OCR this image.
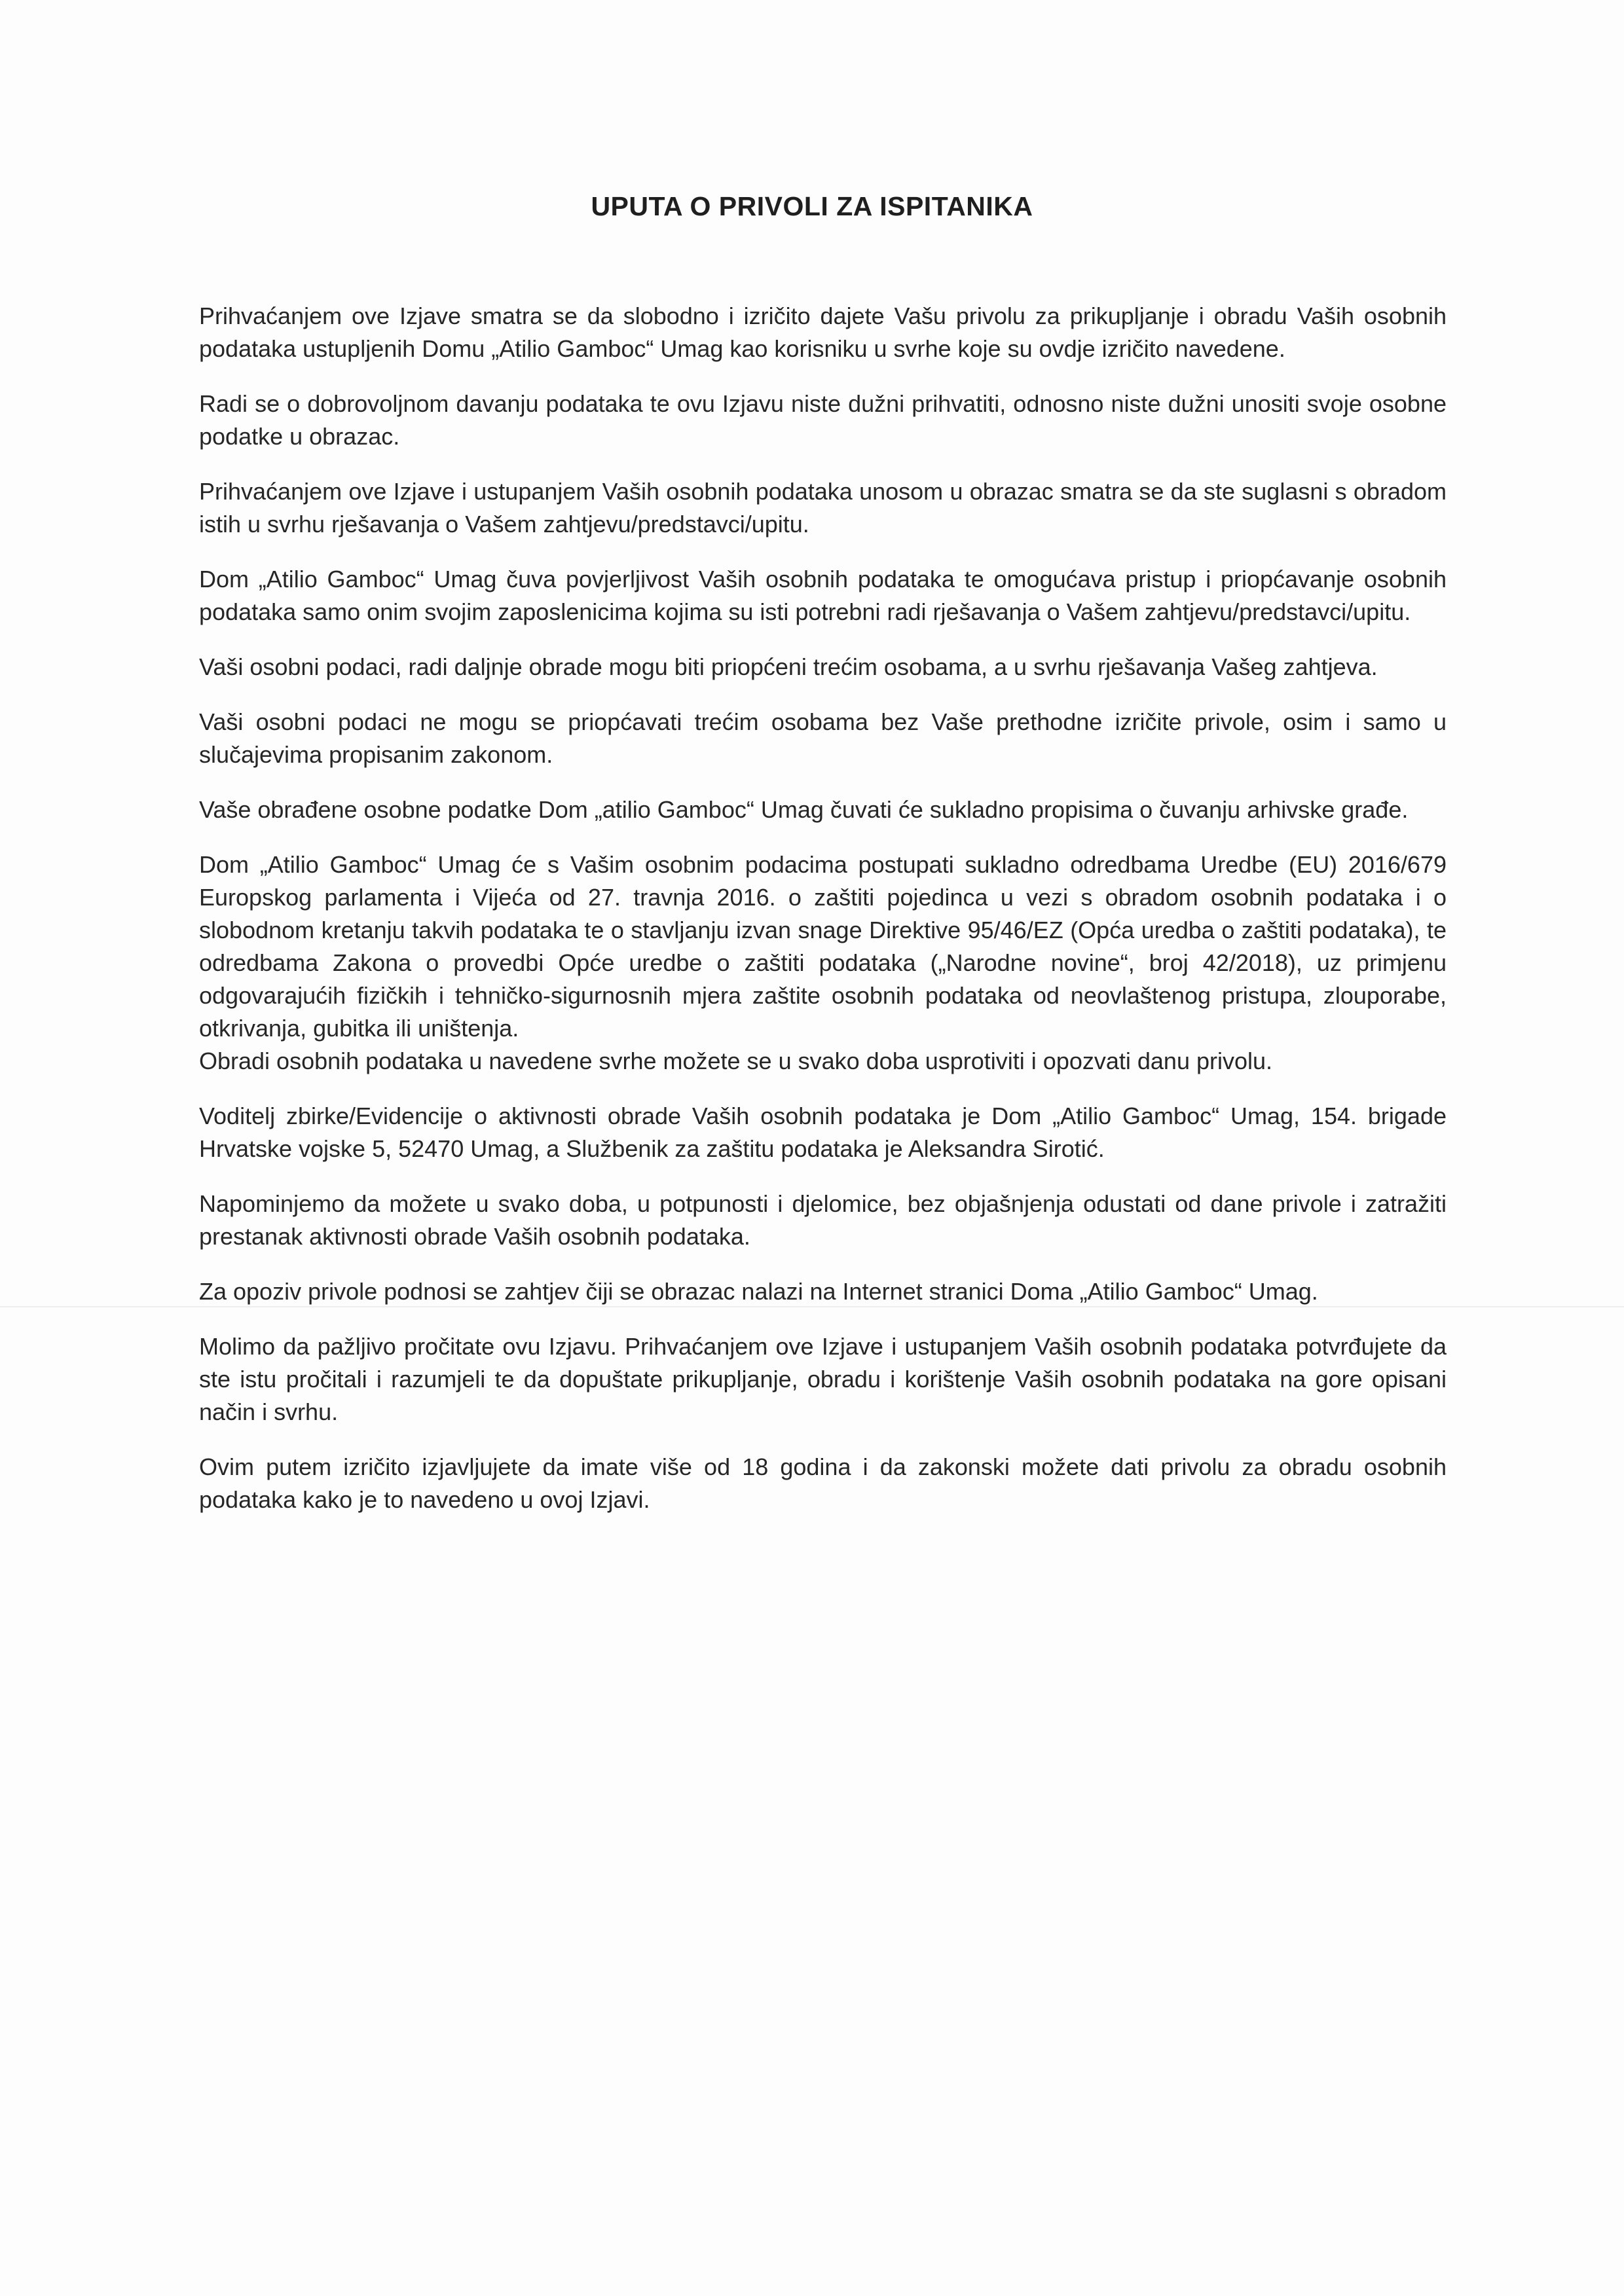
UPUTA O PRIVOLI ZA ISPITANIKA

Prihvaćanjem ove Izjave smatra se da slobodno i izričito dajete Vašu privolu za prikupljanje i obradu Vaših osobnih podataka ustupljenih Domu „Atilio Gamboc“ Umag kao korisniku u svrhe koje su ovdje izričito navedene.

Radi se o dobrovoljnom davanju podataka te ovu Izjavu niste dužni prihvatiti, odnosno niste dužni unositi svoje osobne podatke u obrazac.

Prihvaćanjem ove Izjave i ustupanjem Vaših osobnih podataka unosom u obrazac smatra se da ste suglasni s obradom istih u svrhu rješavanja o Vašem zahtjevu/predstavci/upitu.

Dom „Atilio Gamboc“ Umag čuva povjerljivost Vaših osobnih podataka te omogućava pristup i priopćavanje osobnih podataka samo onim svojim zaposlenicima kojima su isti potrebni radi rješavanja o Vašem zahtjevu/predstavci/upitu.

Vaši osobni podaci, radi daljnje obrade mogu biti priopćeni trećim osobama, a u svrhu rješavanja Vašeg zahtjeva.

Vaši osobni podaci ne mogu se priopćavati trećim osobama bez Vaše prethodne izričite privole, osim i samo u slučajevima propisanim zakonom.

Vaše obrađene osobne podatke Dom „atilio Gamboc“ Umag čuvati će sukladno propisima o čuvanju arhivske građe.

Dom „Atilio Gamboc“ Umag će s Vašim osobnim podacima postupati sukladno odredbama Uredbe (EU) 2016/679 Europskog parlamenta i Vijeća od 27. travnja 2016. o zaštiti pojedinca u vezi s obradom osobnih podataka i o slobodnom kretanju takvih podataka te o stavljanju izvan snage Direktive 95/46/EZ (Opća uredba o zaštiti podataka), te odredbama Zakona o provedbi Opće uredbe o zaštiti podataka („Narodne novine“, broj 42/2018), uz primjenu odgovarajućih fizičkih i tehničko-sigurnosnih mjera zaštite osobnih podataka od neovlaštenog pristupa, zlouporabe, otkrivanja, gubitka ili uništenja.

Obradi osobnih podataka u navedene svrhe možete se u svako doba usprotiviti i opozvati danu privolu.

Voditelj zbirke/Evidencije o aktivnosti obrade Vaših osobnih podataka je Dom „Atilio Gamboc“ Umag, 154. brigade Hrvatske vojske 5, 52470 Umag, a Službenik za zaštitu podataka je Aleksandra Sirotić.

Napominjemo da možete u svako doba, u potpunosti i djelomice, bez objašnjenja odustati od dane privole i zatražiti prestanak aktivnosti obrade Vaših osobnih podataka.

Za opoziv privole podnosi se zahtjev čiji se obrazac nalazi na Internet stranici Doma „Atilio Gamboc“ Umag.

Molimo da pažljivo pročitate ovu Izjavu. Prihvaćanjem ove Izjave i ustupanjem Vaših osobnih podataka potvrđujete da ste istu pročitali i razumjeli te da dopuštate prikupljanje, obradu i korištenje Vaših osobnih podataka na gore opisani način i svrhu.

Ovim putem izričito izjavljujete da imate više od 18 godina i da zakonski možete dati privolu za obradu osobnih podataka kako je to navedeno u ovoj Izjavi.
